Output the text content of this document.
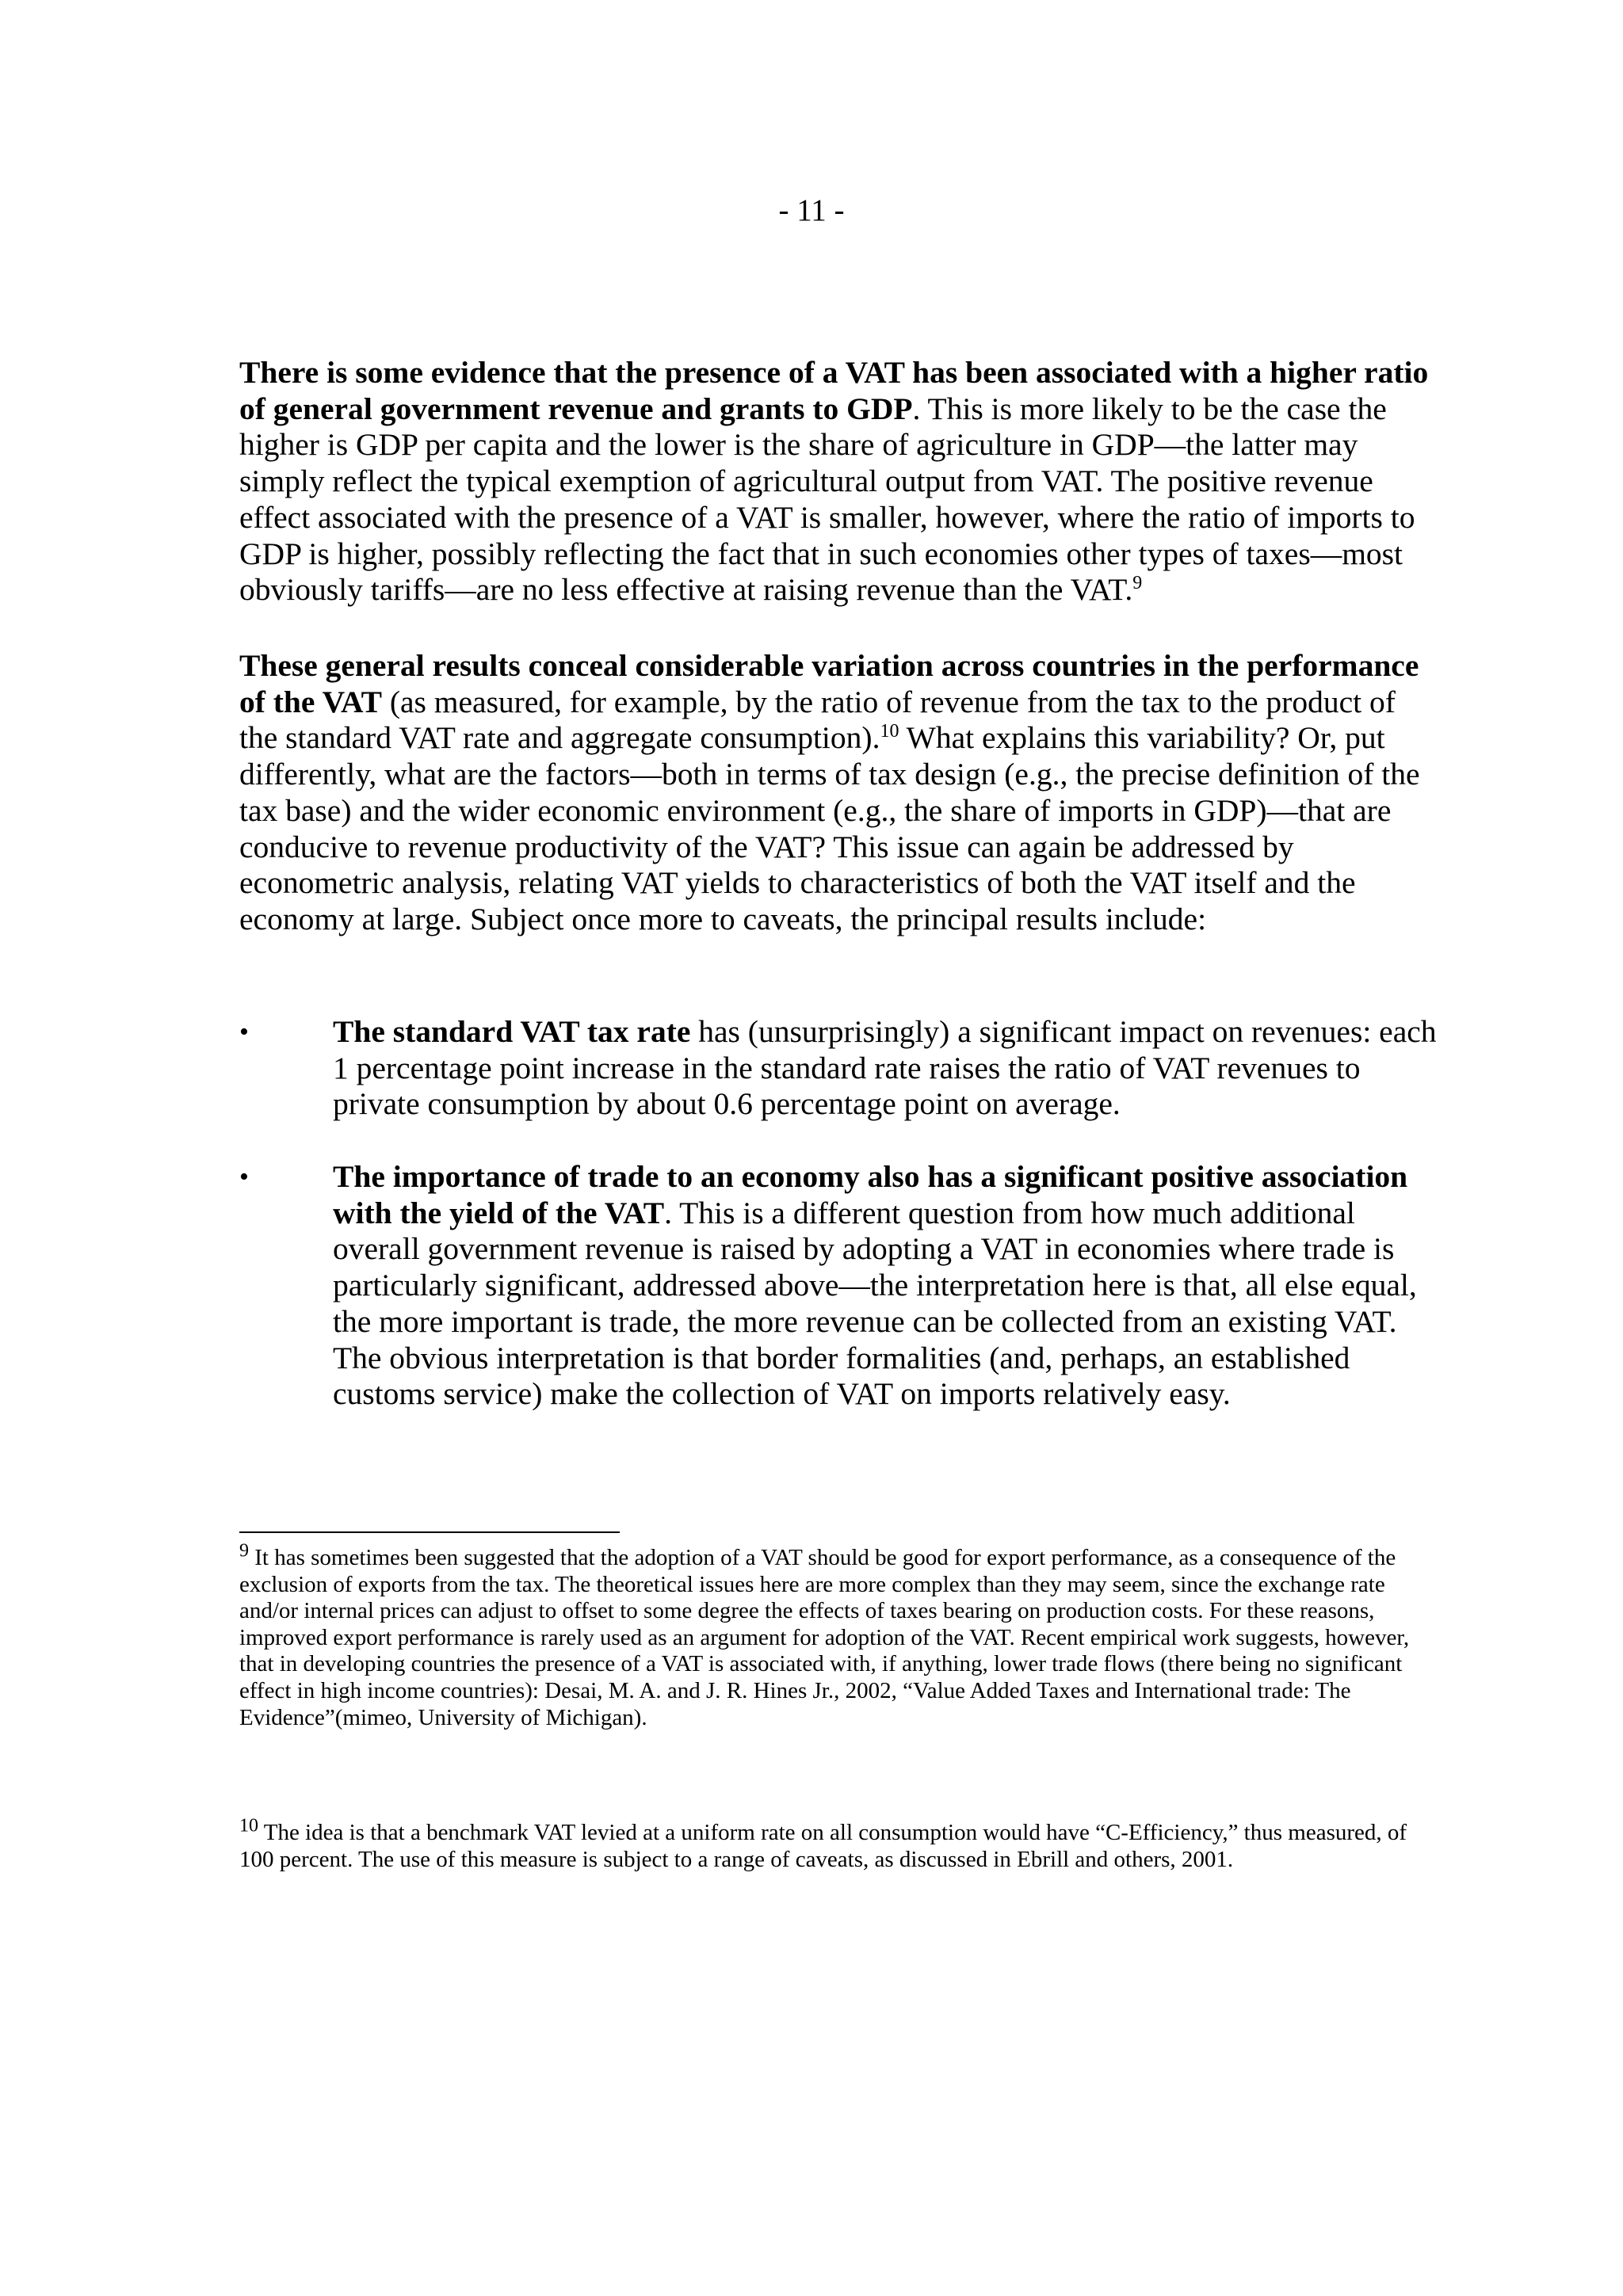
- 11 -

There is some evidence that the presence of a VAT has been associated with a higher ratio of general government revenue and grants to GDP. This is more likely to be the case the higher is GDP per capita and the lower is the share of agriculture in GDP—the latter may simply reflect the typical exemption of agricultural output from VAT. The positive revenue effect associated with the presence of a VAT is smaller, however, where the ratio of imports to GDP is higher, possibly reflecting the fact that in such economies other types of taxes—most obviously tariffs—are no less effective at raising revenue than the VAT.$^9$

These general results conceal considerable variation across countries in the performance of the VAT (as measured, for example, by the ratio of revenue from the tax to the product of the standard VAT rate and aggregate consumption).$^{10}$ What explains this variability? Or, put differently, what are the factors—both in terms of tax design (e.g., the precise definition of the tax base) and the wider economic environment (e.g., the share of imports in GDP)—that are conducive to revenue productivity of the VAT? This issue can again be addressed by econometric analysis, relating VAT yields to characteristics of both the VAT itself and the economy at large. Subject once more to caveats, the principal results include:

•	The standard VAT tax rate has (unsurprisingly) a significant impact on revenues: each 1 percentage point increase in the standard rate raises the ratio of VAT revenues to private consumption by about 0.6 percentage point on average.
•	The importance of trade to an economy also has a significant positive association with the yield of the VAT. This is a different question from how much additional overall government revenue is raised by adopting a VAT in economies where trade is particularly significant, addressed above—the interpretation here is that, all else equal, the more important is trade, the more revenue can be collected from an existing VAT. The obvious interpretation is that border formalities (and, perhaps, an established customs service) make the collection of VAT on imports relatively easy.
$^9$ It has sometimes been suggested that the adoption of a VAT should be good for export performance, as a consequence of the exclusion of exports from the tax. The theoretical issues here are more complex than they may seem, since the exchange rate and/or internal prices can adjust to offset to some degree the effects of taxes bearing on production costs. For these reasons, improved export performance is rarely used as an argument for adoption of the VAT. Recent empirical work suggests, however, that in developing countries the presence of a VAT is associated with, if anything, lower trade flows (there being no significant effect in high income countries): Desai, M. A. and J. R. Hines Jr., 2002, “Value Added Taxes and International trade: The Evidence”(mimeo, University of Michigan).
$^{10}$ The idea is that a benchmark VAT levied at a uniform rate on all consumption would have “C-Efficiency,” thus measured, of 100 percent. The use of this measure is subject to a range of caveats, as discussed in Ebrill and others, 2001.
